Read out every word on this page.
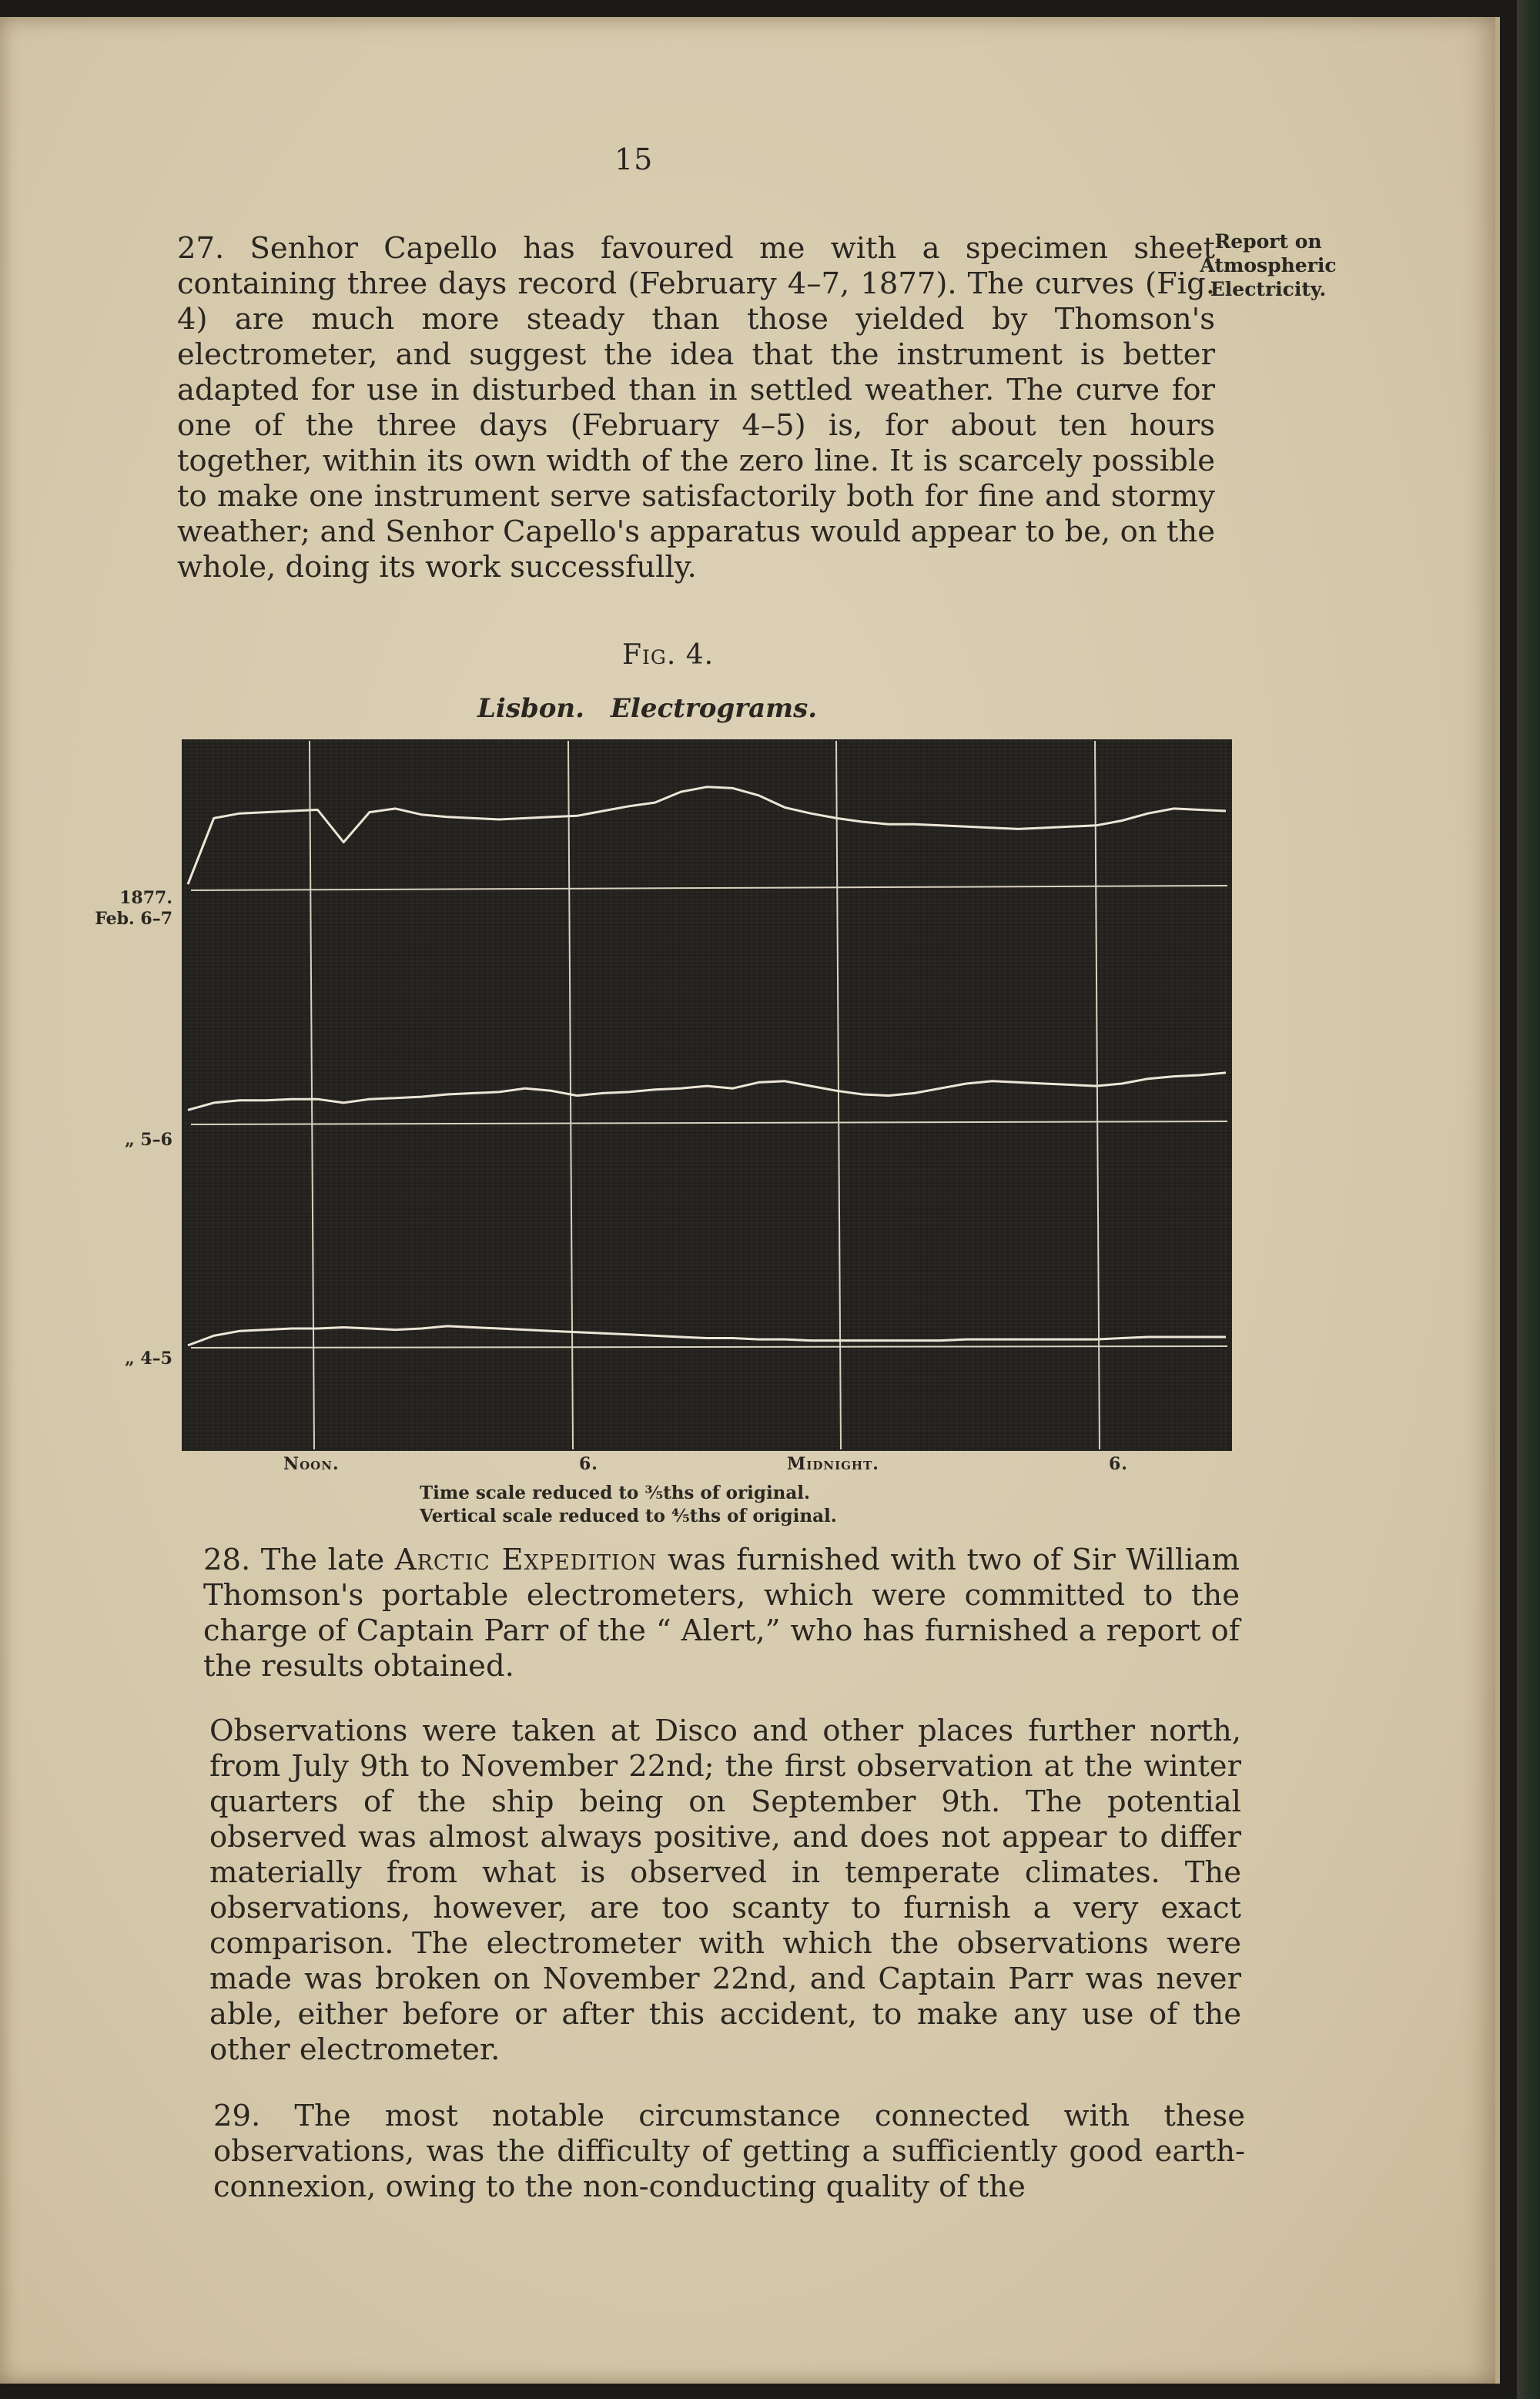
15
Report on Atmospheric Electricity.

27. Senhor Capello has favoured me with a specimen sheet containing three days record (February 4–7, 1877). The curves (Fig. 4) are much more steady than those yielded by Thomson's electrometer, and suggest the idea that the instrument is better adapted for use in disturbed than in settled weather. The curve for one of the three days (February 4–5) is, for about ten hours together, within its own width of the zero line. It is scarcely possible to make one instrument serve satisfactorily both for fine and stormy weather; and Senhor Capello's apparatus would appear to be, on the whole, doing its work successfully.

Fig. 4.
Lisbon. Electrograms.
1877.
Feb. 6–7
„ 5–6
„ 4–5
Noon.	6.	Midnight.	6.
Time scale reduced to ⅗ths of original.
Vertical scale reduced to ⅘ths of original.

28. The late Arctic Expedition was furnished with two of Sir William Thomson's portable electrometers, which were committed to the charge of Captain Parr of the “ Alert,” who has furnished a report of the results obtained.

Observations were taken at Disco and other places further north, from July 9th to November 22nd; the first observation at the winter quarters of the ship being on September 9th. The potential observed was almost always positive, and does not appear to differ materially from what is observed in temperate climates. The observations, however, are too scanty to furnish a very exact comparison. The electrometer with which the observations were made was broken on November 22nd, and Captain Parr was never able, either before or after this accident, to make any use of the other electrometer.

29. The most notable circumstance connected with these observations, was the difficulty of getting a sufficiently good earth-connexion, owing to the non-conducting quality of the
